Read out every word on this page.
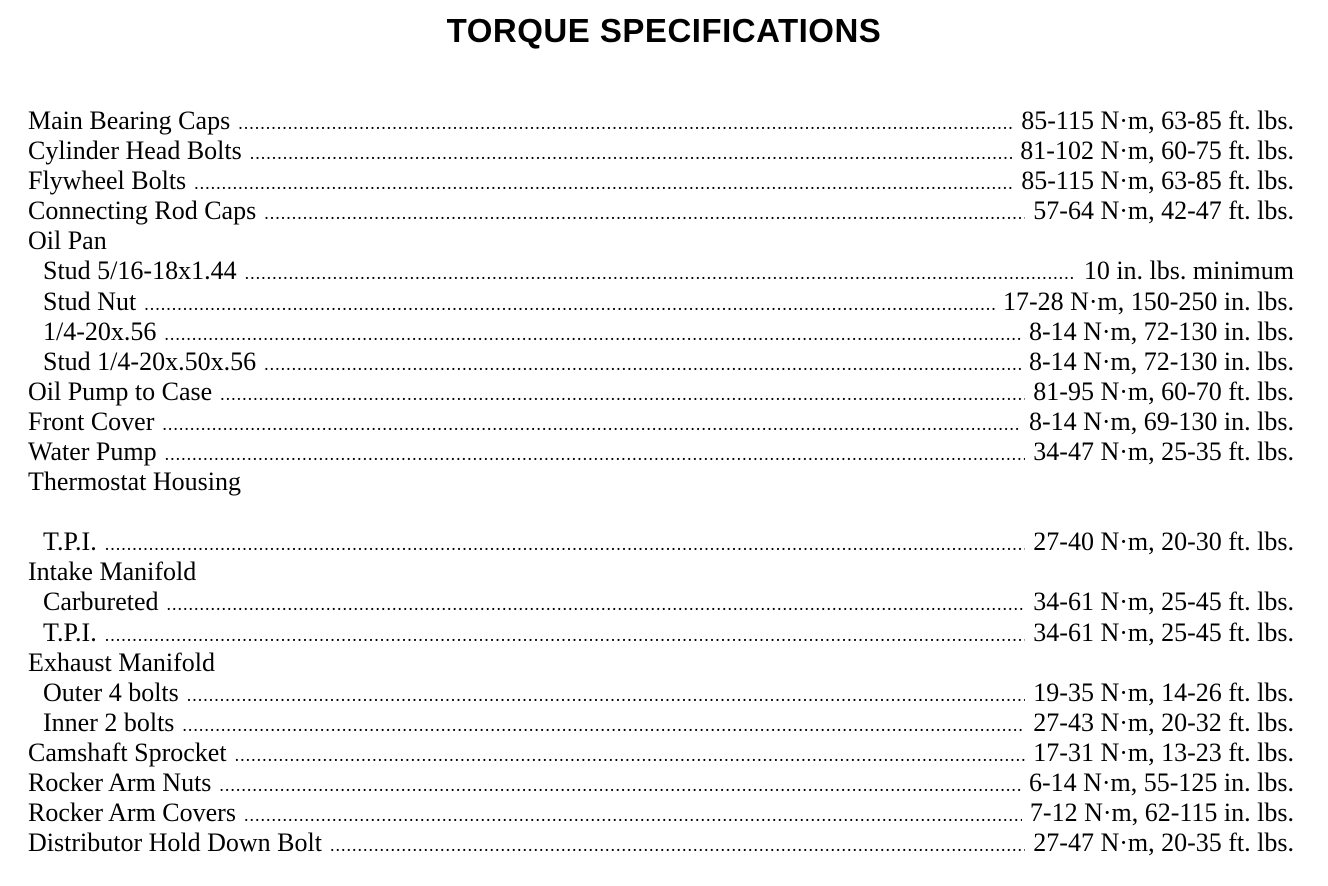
TORQUE SPECIFICATIONS
Main Bearing Caps .....	85-115 N·m, 63-85 ft. lbs.
Cylinder Head Bolts .....	81-102 N·m, 60-75 ft. lbs.
Flywheel Bolts .....	85-115 N·m, 63-85 ft. lbs.
Connecting Rod Caps .....	57-64 N·m, 42-47 ft. lbs.
Oil Pan
Stud 5/16-18x1.44 .....	10 in. lbs. minimum
Stud Nut .....	17-28 N·m, 150-250 in. lbs.
1/4-20x.56 .....	8-14 N·m, 72-130 in. lbs.
Stud 1/4-20x.50x.56 .....	8-14 N·m, 72-130 in. lbs.
Oil Pump to Case .....	81-95 N·m, 60-70 ft. lbs.
Front Cover .....	8-14 N·m, 69-130 in. lbs.
Water Pump .....	34-47 N·m, 25-35 ft. lbs.
Thermostat Housing
T.P.I. .....	27-40 N·m, 20-30 ft. lbs.
Intake Manifold
Carbureted .....	34-61 N·m, 25-45 ft. lbs.
T.P.I. .....	34-61 N·m, 25-45 ft. lbs.
Exhaust Manifold
Outer 4 bolts .....	19-35 N·m, 14-26 ft. lbs.
Inner 2 bolts .....	27-43 N·m, 20-32 ft. lbs.
Camshaft Sprocket .....	17-31 N·m, 13-23 ft. lbs.
Rocker Arm Nuts .....	6-14 N·m, 55-125 in. lbs.
Rocker Arm Covers .....	7-12 N·m, 62-115 in. lbs.
Distributor Hold Down Bolt .....	27-47 N·m, 20-35 ft. lbs.
